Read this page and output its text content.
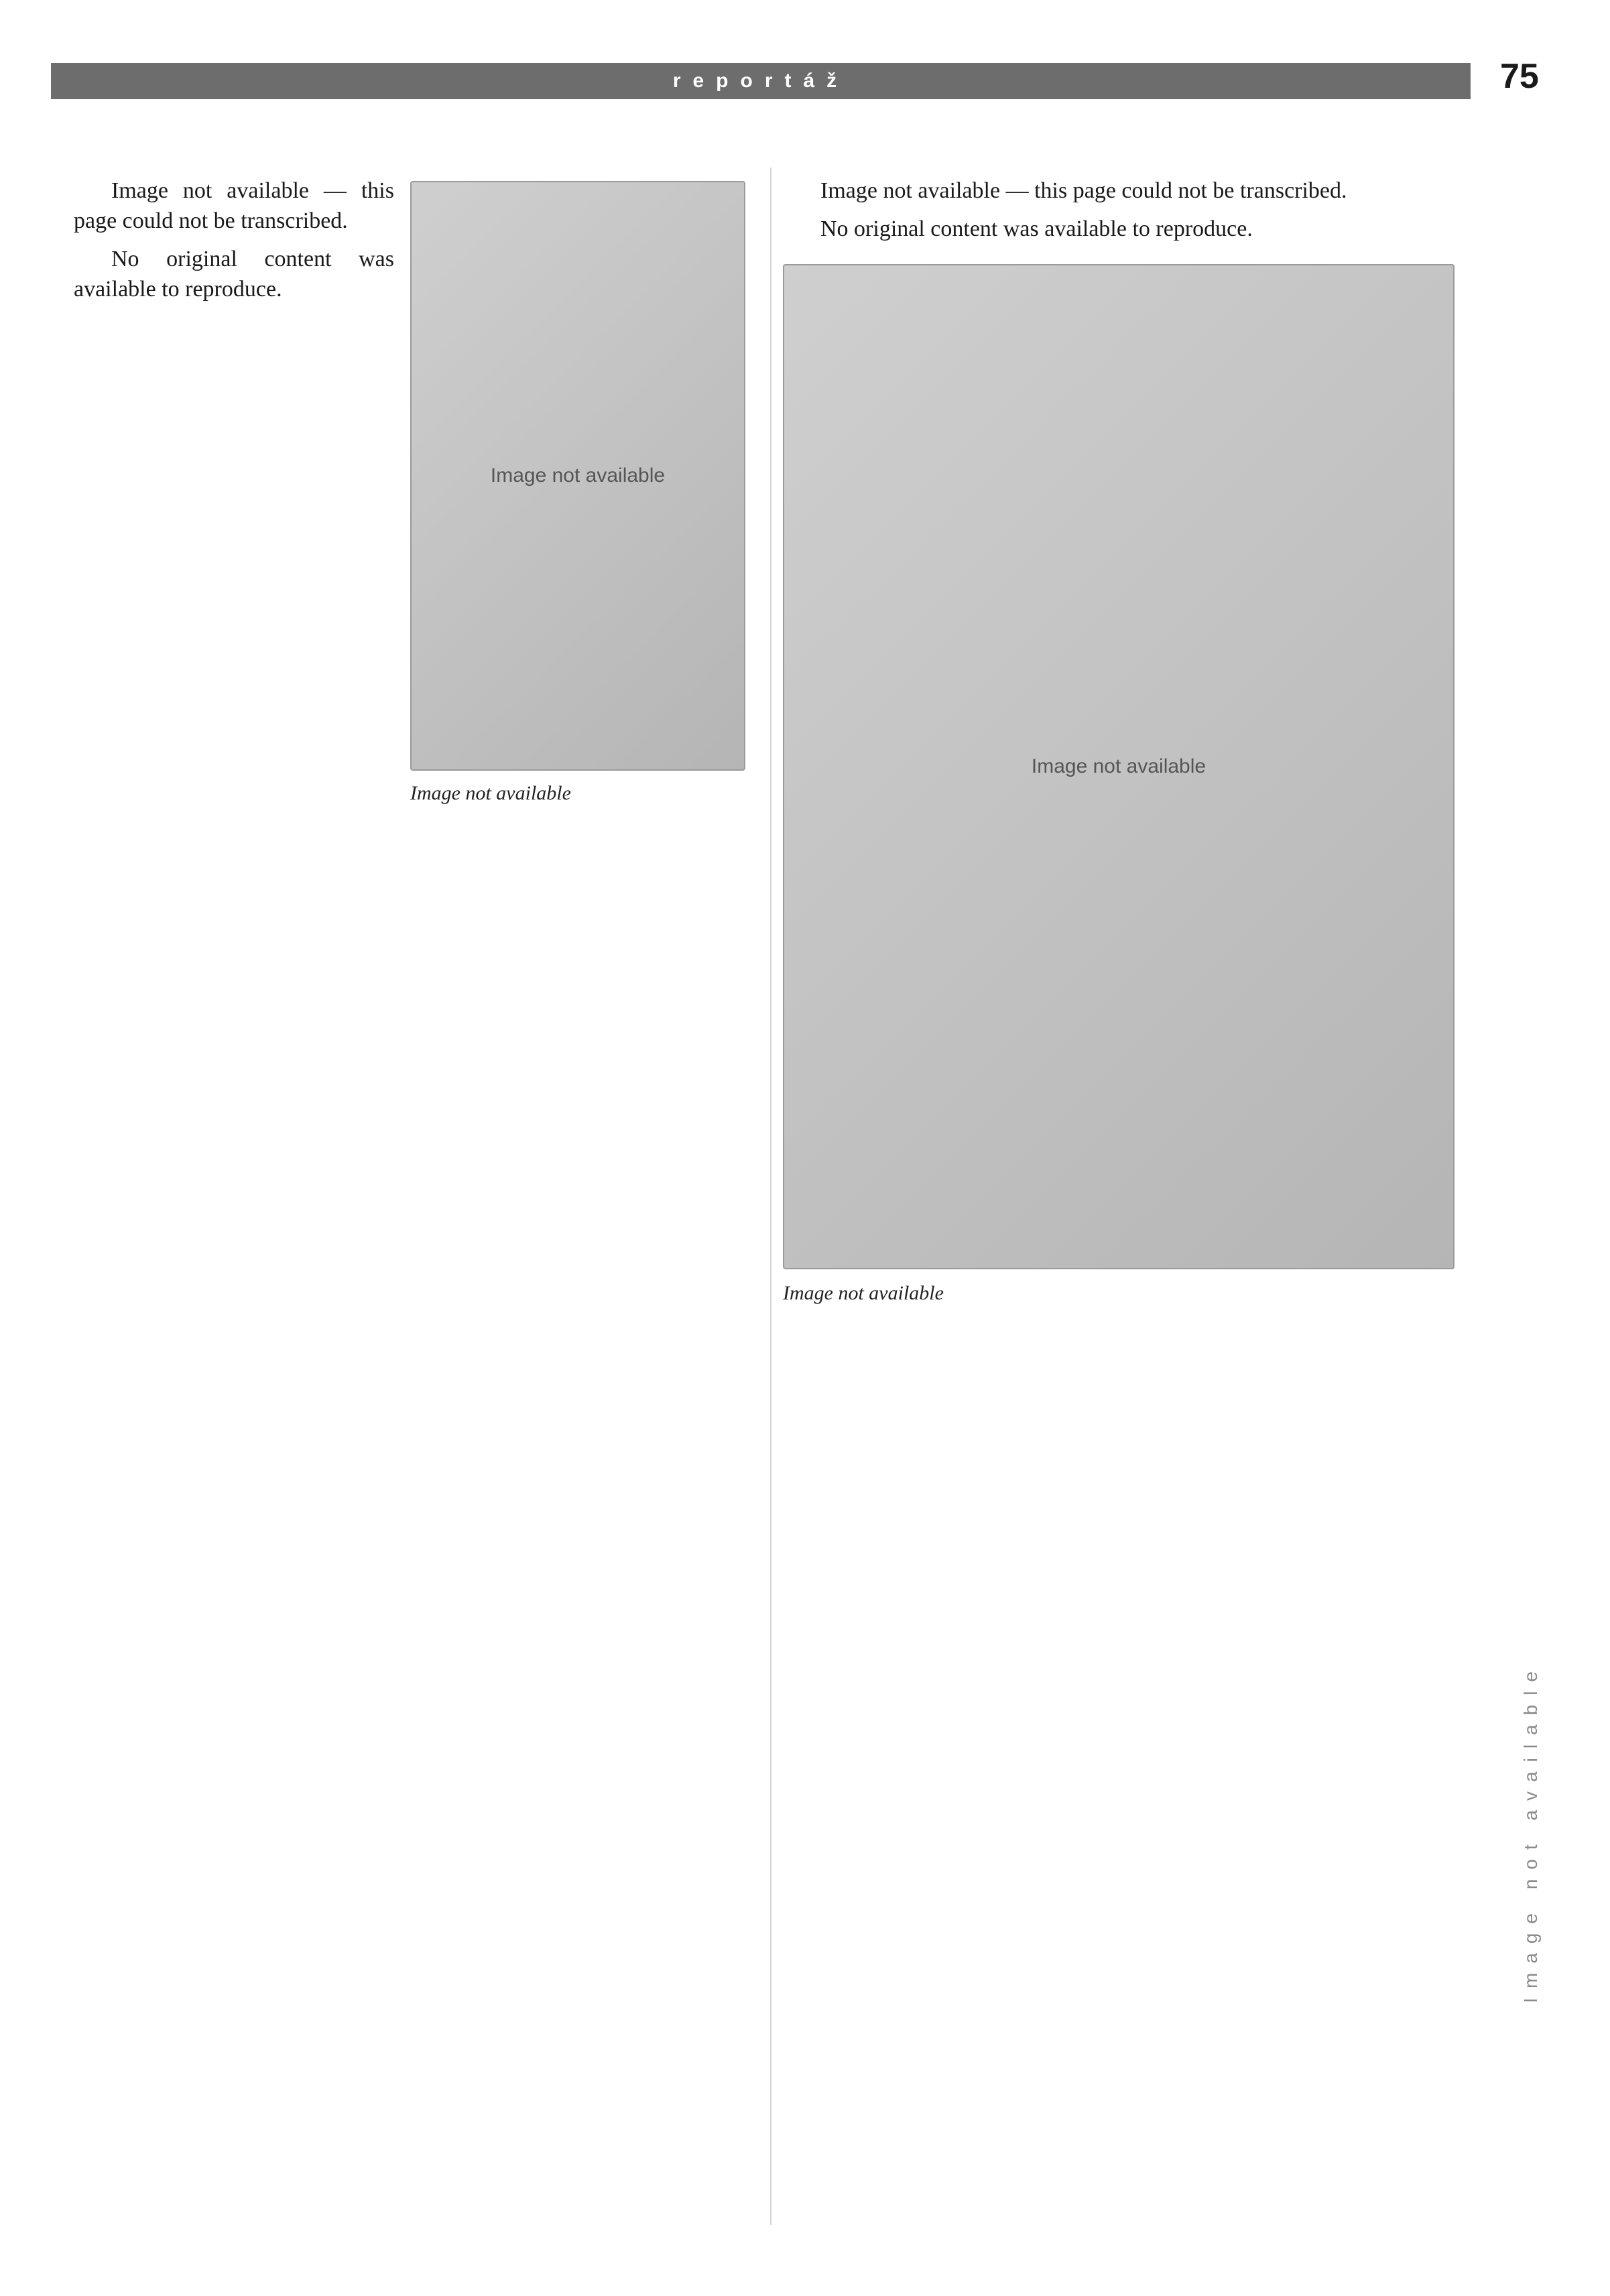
reportáž	75
Image not available

Image not available

Image not available — this page could not be transcribed.

No original content was available to reproduce.

Image not available — this page could not be transcribed.

No original content was available to reproduce.

Image not available

Image not available

Image not available
